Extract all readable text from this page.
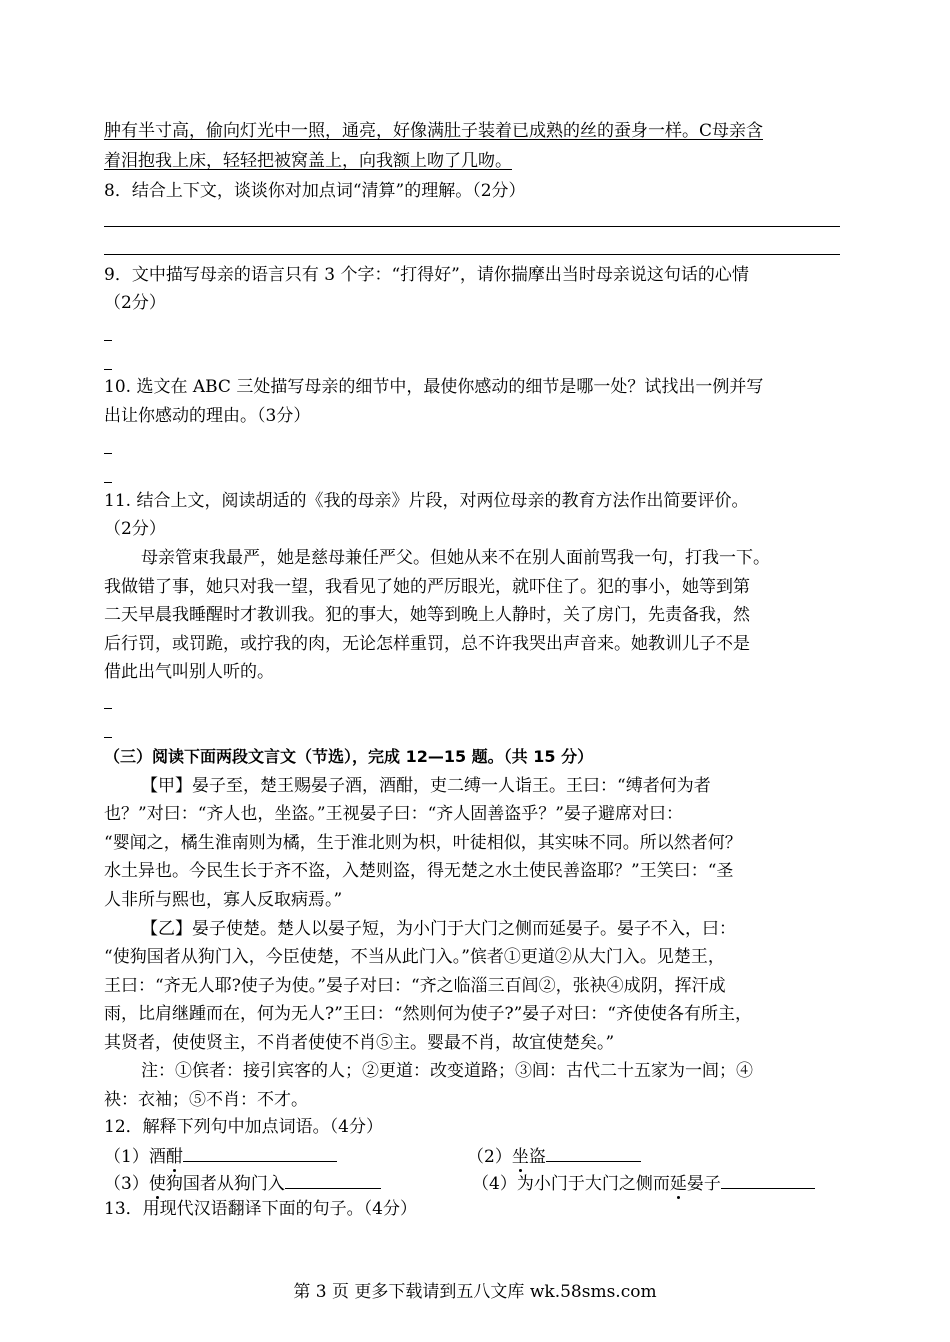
肿有半寸高，偷向灯光中一照，通亮，好像满肚子装着已成熟的丝的蚕身一样。C母亲含
着泪抱我上床，轻轻把被窝盖上，向我额上吻了几吻。
8．结合上下文，谈谈你对加点词“清算”的理解。（2分）
9．文中描写母亲的语言只有 3 个字：“打得好”，请你揣摩出当时母亲说这句话的心情
（2分）
10. 选文在 ABC 三处描写母亲的细节中，最使你感动的细节是哪一处？试找出一例并写
出让你感动的理由。（3分）
11. 结合上文，阅读胡适的《我的母亲》片段，对两位母亲的教育方法作出简要评价。
（2分）
母亲管束我最严，她是慈母兼任严父。但她从来不在别人面前骂我一句，打我一下。
我做错了事，她只对我一望，我看见了她的严厉眼光，就吓住了。犯的事小，她等到第
二天早晨我睡醒时才教训我。犯的事大，她等到晚上人静时，关了房门，先责备我，然
后行罚，或罚跪，或拧我的肉，无论怎样重罚，总不许我哭出声音来。她教训儿子不是
借此出气叫别人听的。
（三）阅读下面两段文言文（节选），完成 12—15 题。（共 15 分）
【甲】晏子至，楚王赐晏子酒，酒酣，吏二缚一人诣王。王曰：“缚者何为者
也？”对曰：“齐人也，坐盗。”王视晏子曰：“齐人固善盗乎？”晏子避席对曰：
“婴闻之，橘生淮南则为橘，生于淮北则为枳，叶徒相似，其实味不同。所以然者何？
水土异也。今民生长于齐不盗，入楚则盗，得无楚之水土使民善盗耶？”王笑曰：“圣
人非所与熙也，寡人反取病焉。”
【乙】晏子使楚。楚人以晏子短，为小门于大门之侧而延晏子。晏子不入，曰：
“使狗国者从狗门入，今臣使楚，不当从此门入。”傧者①更道②从大门入。见楚王，
王曰：“齐无人耶?使子为使。”晏子对曰：“齐之临淄三百闾②，张袂④成阴，挥汗成
雨，比肩继踵而在，何为无人?”王曰：“然则何为使子?”晏子对曰：“齐使使各有所主，
其贤者，使使贤主，不肖者使使不肖⑤主。婴最不肖，故宜使楚矣。”
注：①傧者：接引宾客的人；②更道：改变道路；③闾：古代二十五家为一闾；④
袂：衣袖；⑤不肖：不才。
12．解释下列句中加点词语。（4分）
（1）酒酣	（2）坐盗
（3）使狗国者从狗门入	（4）为小门于大门之侧而延晏子
13．用现代汉语翻译下面的句子。（4分）
第 3 页 更多下载请到五八文库 wk.58sms.com
